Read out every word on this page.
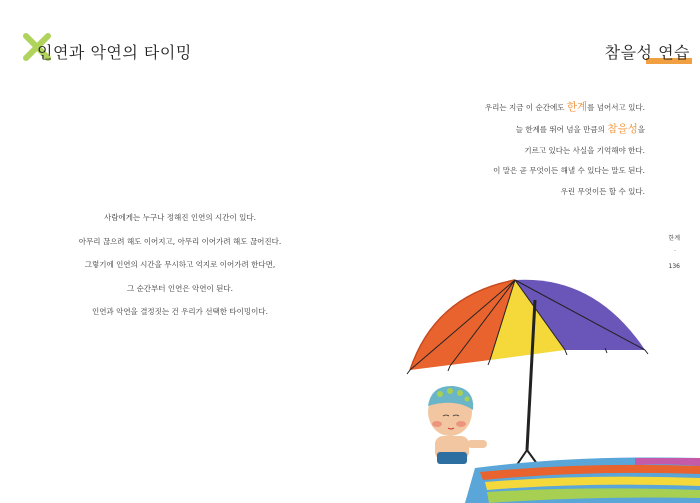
인연과 악연의 타이밍
사람에게는 누구나 정해진 인연의 시간이 있다.
아무리 끊으려 해도 이어지고, 아무리 이어가려 해도 끊어진다.
그렇기에 인연의 시간을 무시하고 억지로 이어가려 한다면,
그 순간부터 인연은 악연이 된다.
인연과 악연을 결정짓는 건 우리가 선택한 타이밍이다.
참을성 연습
우리는 지금 이 순간에도 한계를 넘어서고 있다.
늘 한계를 뛰어 넘을 만큼의 참을성을
기르고 있다는 사실을 기억해야 한다.
이 말은 곧 무엇이든 해낼 수 있다는 말도 된다.
우린 무엇이든 할 수 있다.
한계
-
136
